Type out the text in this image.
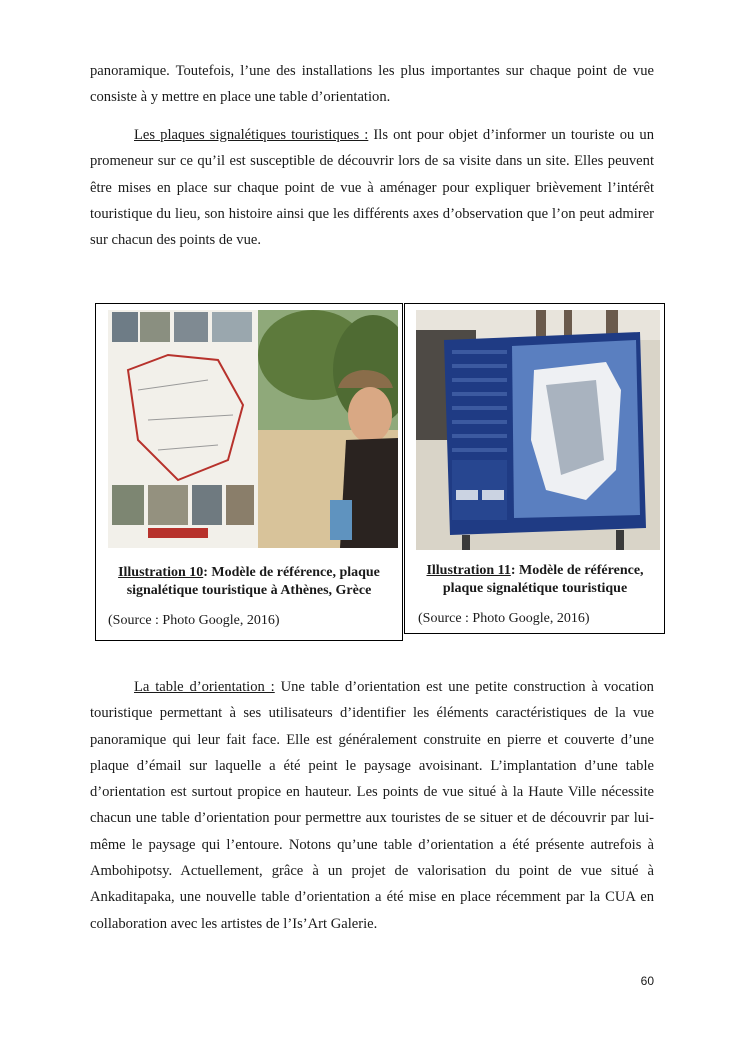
panoramique. Toutefois, l’une des installations les plus importantes sur chaque point de vue consiste à y mettre en place une table d’orientation.

Les plaques signalétiques touristiques : Ils ont pour objet d’informer un touriste ou un promeneur sur ce qu’il est susceptible de découvrir lors de sa visite dans un site. Elles peuvent être mises en place sur chaque point de vue à aménager pour expliquer brièvement l’intérêt touristique du lieu, son histoire ainsi que les différents axes d’observation que l’on peut admirer sur chacun des points de vue.

Illustration 10: Modèle de référence, plaque signalétique touristique à Athènes, Grèce
(Source : Photo Google, 2016)
Illustration 11: Modèle de référence, plaque signalétique touristique
(Source : Photo Google, 2016)

La table d’orientation : Une table d’orientation est une petite construction à vocation touristique permettant à ses utilisateurs d’identifier les éléments caractéristiques de la vue panoramique qui leur fait face. Elle est généralement construite en pierre et couverte d’une plaque d’émail sur laquelle a été peint le paysage avoisinant. L’implantation d’une table d’orientation est surtout propice en hauteur. Les points de vue situé à la Haute Ville nécessite chacun une table d’orientation pour permettre aux touristes de se situer et de découvrir par lui-même le paysage qui l’entoure. Notons qu’une table d’orientation a été présente autrefois à Ambohipotsy. Actuellement, grâce à un projet de valorisation du point de vue situé à Ankaditapaka, une nouvelle table d’orientation a été mise en place récemment par la CUA en collaboration avec les artistes de l’Is’Art Galerie.

60
